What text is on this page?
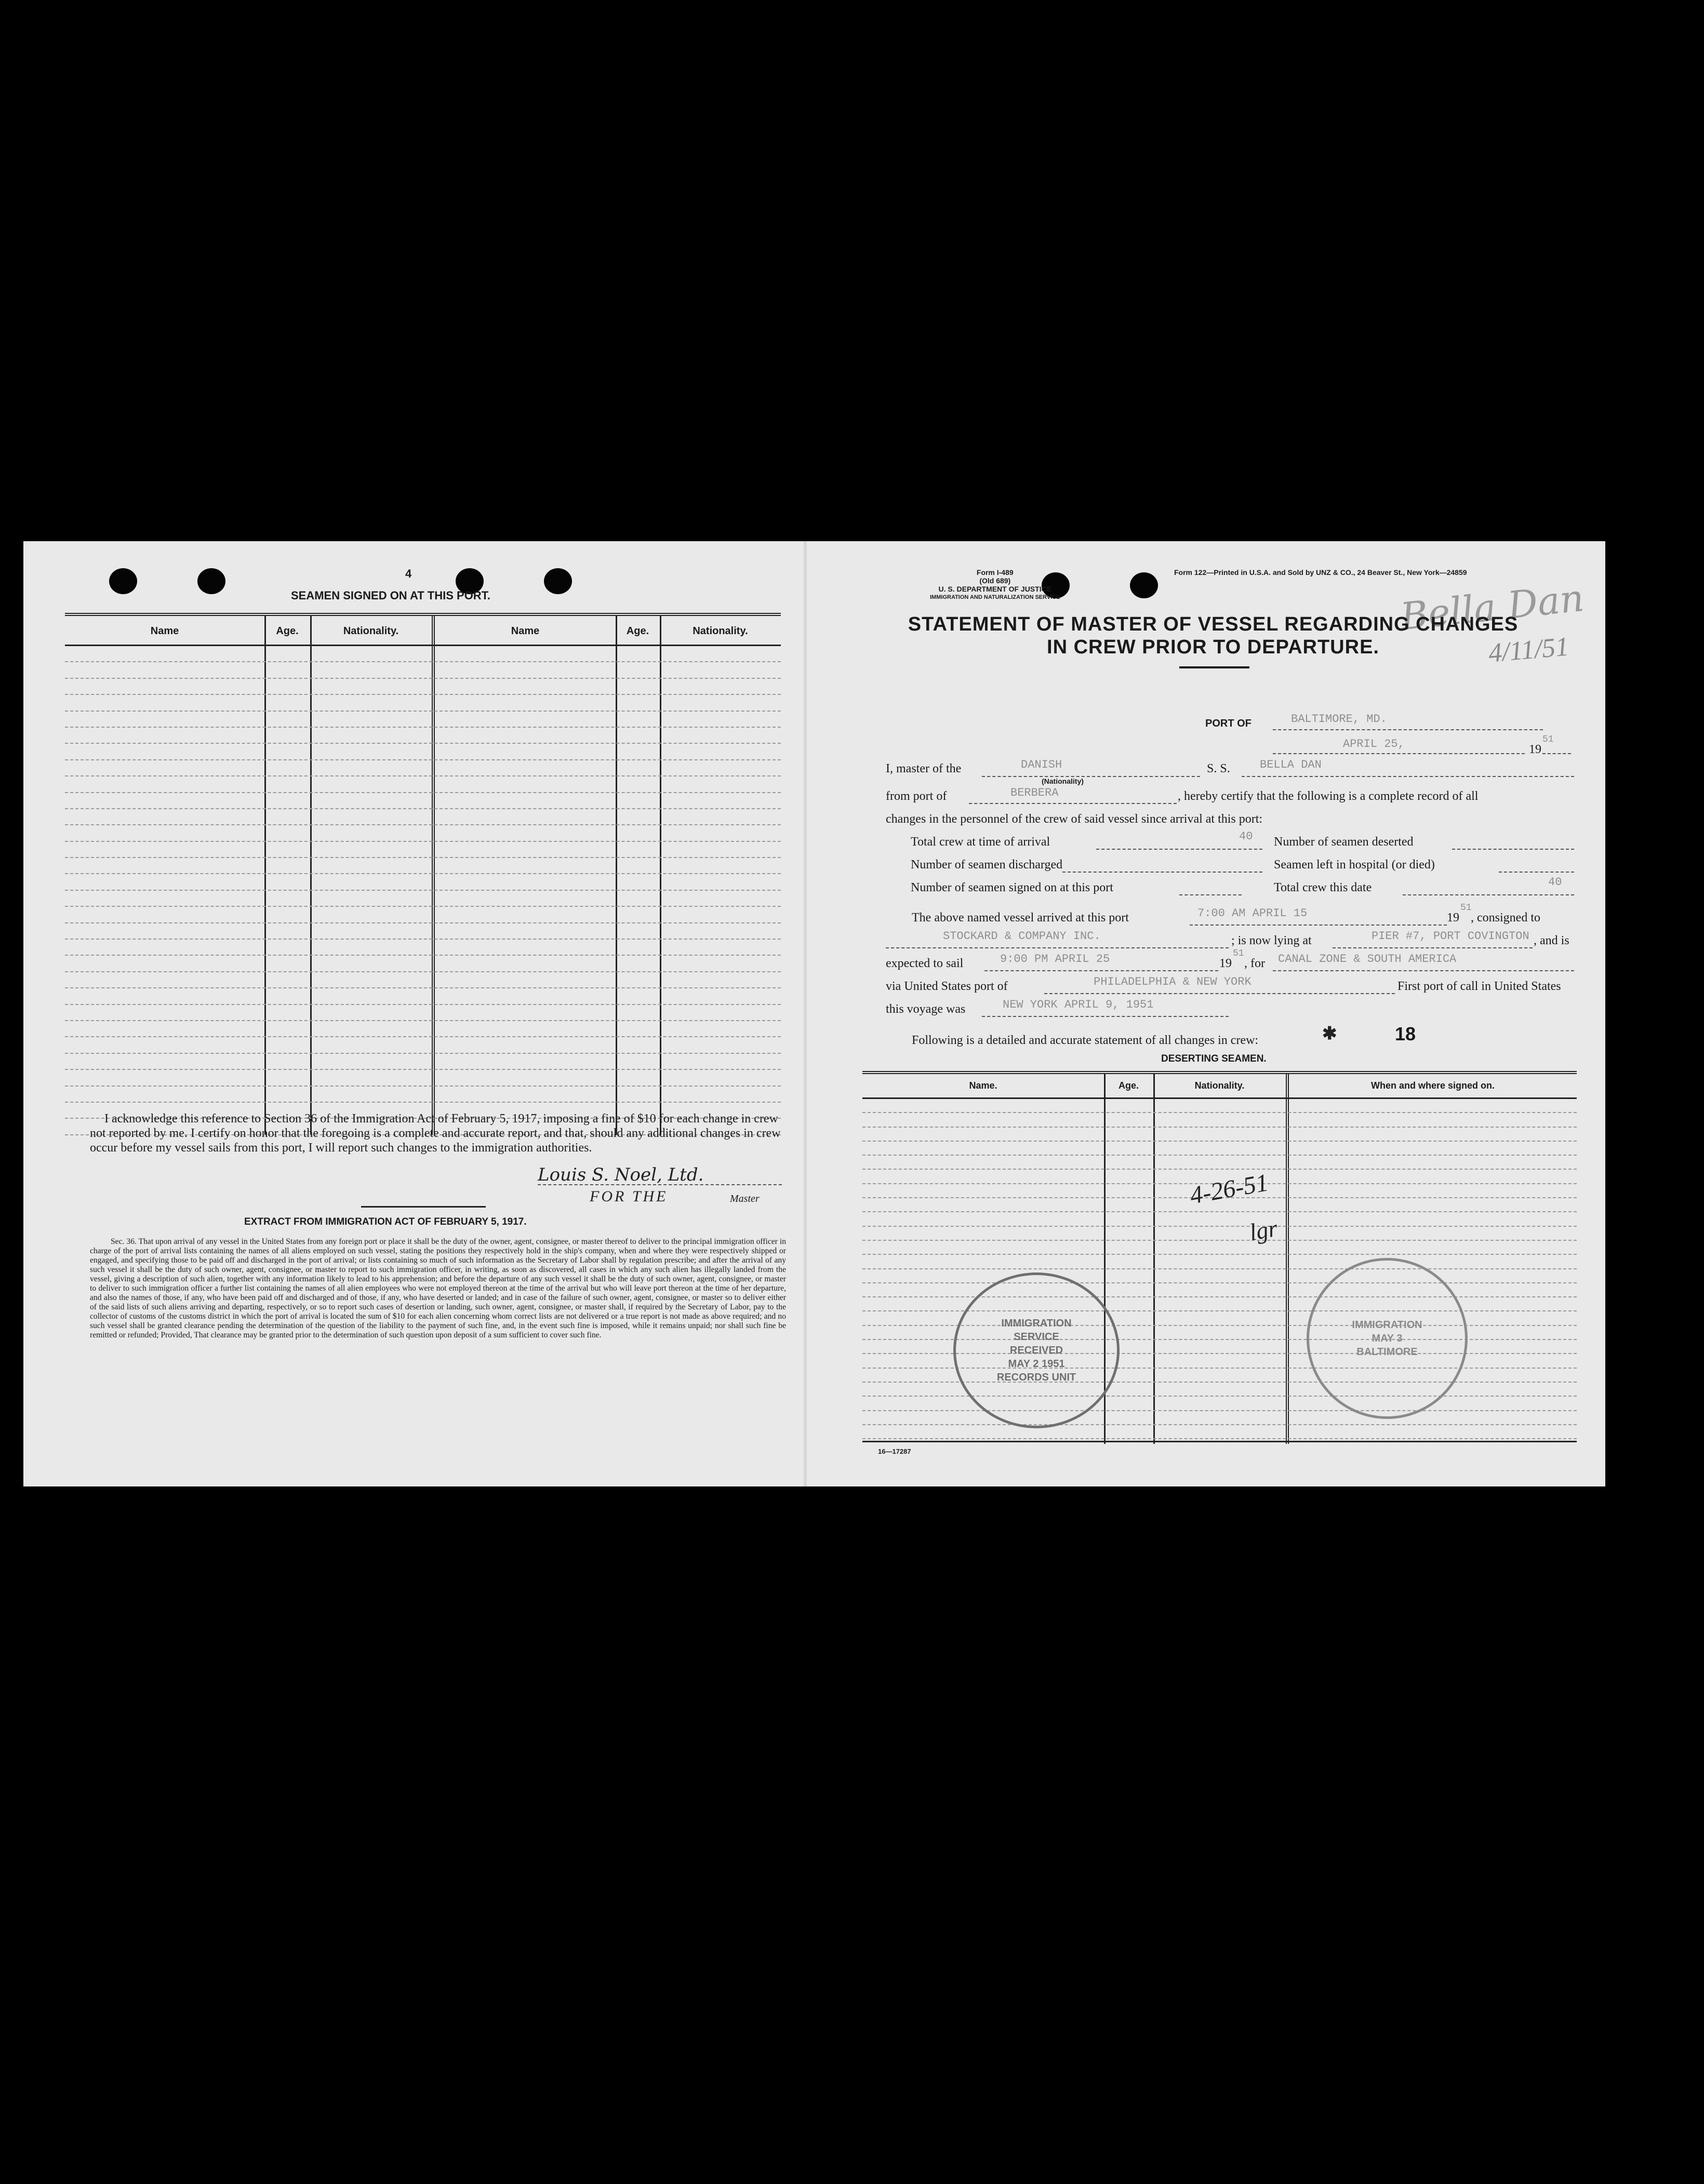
4
SEAMEN SIGNED ON AT THIS PORT.
Name	Age.	Nationality.	Name	Age.	Nationality.
I acknowledge this reference to Section 36 of the Immigration Act of February 5, 1917, imposing a fine of $10 for each change in crew not reported by me. I certify on honor that the foregoing is a complete and accurate report, and that, should any additional changes in crew occur before my vessel sails from this port, I will report such changes to the immigration authorities.
Louis S. Noel, Ltd.
FOR THE	Master
EXTRACT FROM IMMIGRATION ACT OF FEBRUARY 5, 1917.
Sec. 36. That upon arrival of any vessel in the United States from any foreign port or place it shall be the duty of the owner, agent, consignee, or master thereof to deliver to the principal immigration officer in charge of the port of arrival lists containing the names of all aliens employed on such vessel, stating the positions they respectively hold in the ship's company, when and where they were respectively shipped or engaged, and specifying those to be paid off and discharged in the port of arrival; or lists containing so much of such information as the Secretary of Labor shall by regulation prescribe; and after the arrival of any such vessel it shall be the duty of such owner, agent, consignee, or master to report to such immigration officer, in writing, as soon as discovered, all cases in which any such alien has illegally landed from the vessel, giving a description of such alien, together with any information likely to lead to his apprehension; and before the departure of any such vessel it shall be the duty of such owner, agent, consignee, or master to deliver to such immigration officer a further list containing the names of all alien employees who were not employed thereon at the time of the arrival but who will leave port thereon at the time of her departure, and also the names of those, if any, who have been paid off and discharged and of those, if any, who have deserted or landed; and in case of the failure of such owner, agent, consignee, or master so to deliver either of the said lists of such aliens arriving and departing, respectively, or so to report such cases of desertion or landing, such owner, agent, consignee, or master shall, if required by the Secretary of Labor, pay to the collector of customs of the customs district in which the port of arrival is located the sum of $10 for each alien concerning whom correct lists are not delivered or a true report is not made as above required; and no such vessel shall be granted clearance pending the determination of the question of the liability to the payment of such fine, and, in the event such fine is imposed, while it remains unpaid; nor shall such fine be remitted or refunded; Provided, That clearance may be granted prior to the determination of such question upon deposit of a sum sufficient to cover such fine.
Form I-489
(Old 689)
U. S. DEPARTMENT OF JUSTICE
IMMIGRATION AND NATURALIZATION SERVICE
Form 122—Printed in U.S.A. and Sold by UNZ & CO., 24 Beaver St., New York—24859
Bella Dan
4/11/51
STATEMENT OF MASTER OF VESSEL REGARDING CHANGES
IN CREW PRIOR TO DEPARTURE.
PORT OF	BALTIMORE, MD.
APRIL 25,	19
51
I, master of the	DANISH
(Nationality)
S. S.	BELLA DAN
from port of	BERBERA	, hereby certify that the following is a complete record of all
changes in the personnel of the crew of said vessel since arrival at this port:
Total crew at time of arrival	40 Number of seamen deserted
Number of seamen discharged	Seamen left in hospital (or died)
Number of seamen signed on at this port	Total crew this date	40
The above named vessel arrived at this port	7:00 AM APRIL 15	19
51
, consigned to
STOCKARD & COMPANY INC.	; is now lying at	PIER #7, PORT COVINGTON , and is
expected to sail	9:00 PM APRIL 25	19
51
, for CANAL ZONE & SOUTH AMERICA
via United States port of	PHILADELPHIA & NEW YORK	First port of call in United States
this voyage was	NEW YORK APRIL 9, 1951
✱	18
Following is a detailed and accurate statement of all changes in crew:
DESERTING SEAMEN.
Name.	Age.	Nationality.	When and where signed on.
16—17287
4-26-51
lgr
IMMIGRATION SERVICE
RECEIVED
MAY 2 1951
RECORDS UNIT
IMMIGRATION
MAY 3
BALTIMORE
